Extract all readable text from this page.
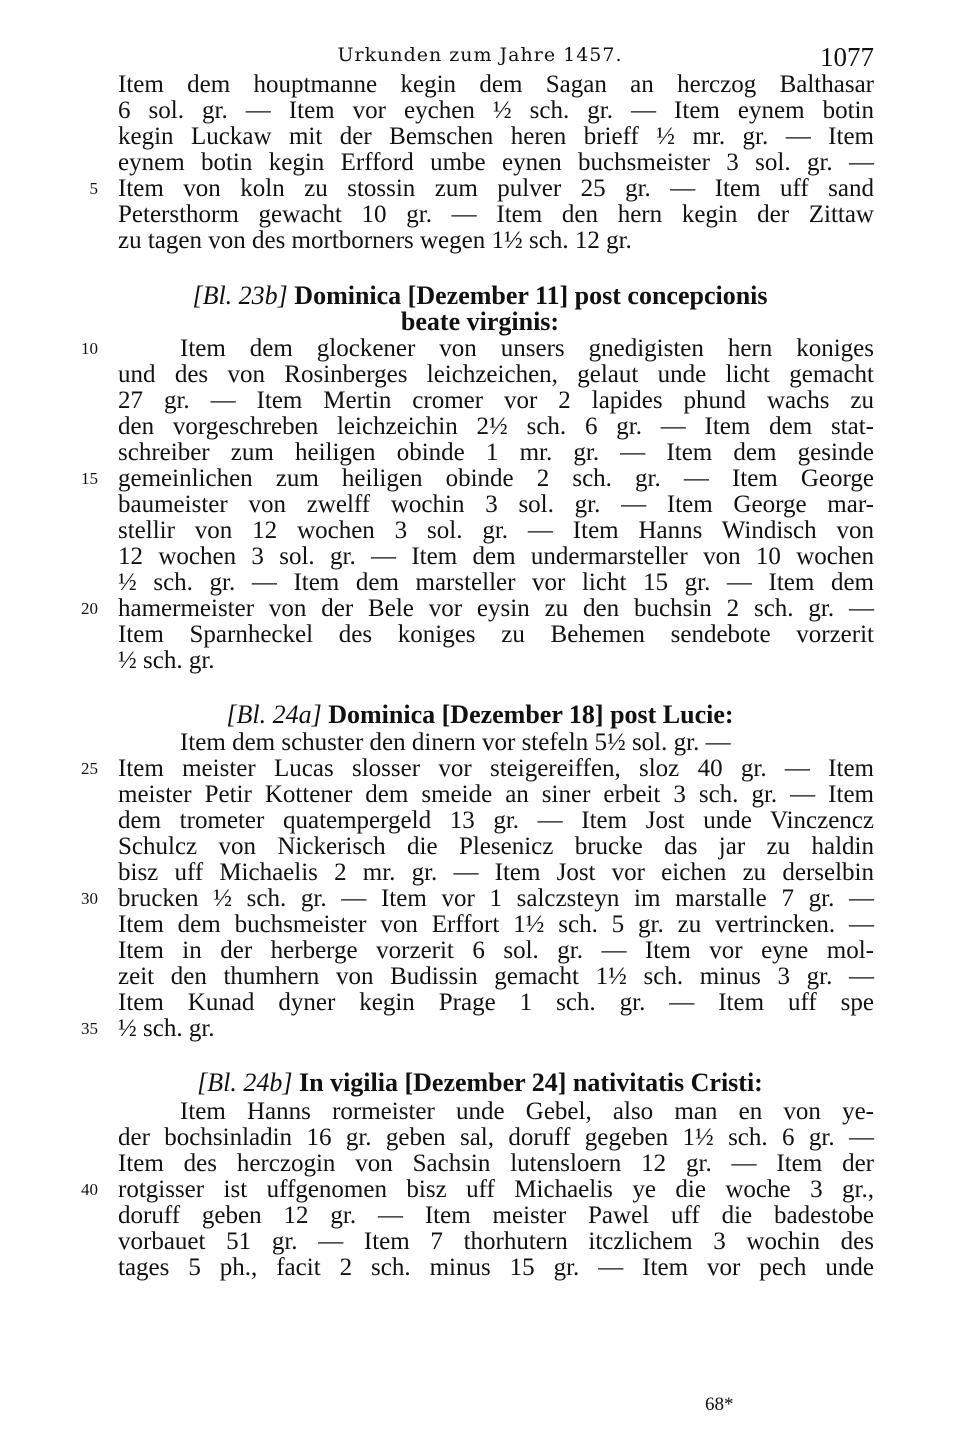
Urkunden zum Jahre 1457.	1077
Item dem houptmanne kegin dem Sagan an herczog Balthasar
6 sol. gr. — Item vor eychen ½ sch. gr. — Item eynem botin
kegin Luckaw mit der Bemschen heren brieff ½ mr. gr. — Item
eynem botin kegin Erfford umbe eynen buchsmeister 3 sol. gr. —
Item von koln zu stossin zum pulver 25 gr. — Item uff sand
Petersthorm gewacht 10 gr. — Item den hern kegin der Zittaw
zu tagen von des mortborners wegen 1½ sch. 12 gr.
[Bl. 23b] Dominica [Dezember 11] post concepcionis
beate virginis:
Item dem glockener von unsers gnedigisten hern koniges
und des von Rosinberges leichzeichen, gelaut unde licht gemacht
27 gr. — Item Mertin cromer vor 2 lapides phund wachs zu
den vorgeschreben leichzeichin 2½ sch. 6 gr. — Item dem stat-
schreiber zum heiligen obinde 1 mr. gr. — Item dem gesinde
gemeinlichen zum heiligen obinde 2 sch. gr. — Item George
baumeister von zwelff wochin 3 sol. gr. — Item George mar-
stellir von 12 wochen 3 sol. gr. — Item Hanns Windisch von
12 wochen 3 sol. gr. — Item dem undermarsteller von 10 wochen
½ sch. gr. — Item dem marsteller vor licht 15 gr. — Item dem
hamermeister von der Bele vor eysin zu den buchsin 2 sch. gr. —
Item Sparnheckel des koniges zu Behemen sendebote vorzerit
½ sch. gr.
[Bl. 24a] Dominica [Dezember 18] post Lucie:
Item dem schuster den dinern vor stefeln 5½ sol. gr. —
Item meister Lucas slosser vor steigereiffen, sloz 40 gr. — Item
meister Petir Kottener dem smeide an siner erbeit 3 sch. gr. — Item
dem trometer quatempergeld 13 gr. — Item Jost unde Vinczencz
Schulcz von Nickerisch die Plesenicz brucke das jar zu haldin
bisz uff Michaelis 2 mr. gr. — Item Jost vor eichen zu derselbin
brucken ½ sch. gr. — Item vor 1 salczsteyn im marstalle 7 gr. —
Item dem buchsmeister von Erffort 1½ sch. 5 gr. zu vertrincken. —
Item in der herberge vorzerit 6 sol. gr. — Item vor eyne mol-
zeit den thumhern von Budissin gemacht 1½ sch. minus 3 gr. —
Item Kunad dyner kegin Prage 1 sch. gr. — Item uff spe
½ sch. gr.
[Bl. 24b] In vigilia [Dezember 24] nativitatis Cristi:
Item Hanns rormeister unde Gebel, also man en von ye-
der bochsinladin 16 gr. geben sal, doruff gegeben 1½ sch. 6 gr. —
Item des herczogin von Sachsin lutensloern 12 gr. — Item der
rotgisser ist uffgenomen bisz uff Michaelis ye die woche 3 gr.,
doruff geben 12 gr. — Item meister Pawel uff die badestobe
vorbauet 51 gr. — Item 7 thorhutern itczlichem 3 wochin des
tages 5 ph., facit 2 sch. minus 15 gr. — Item vor pech unde
5
10
15
20
25
30
35
40
68*
